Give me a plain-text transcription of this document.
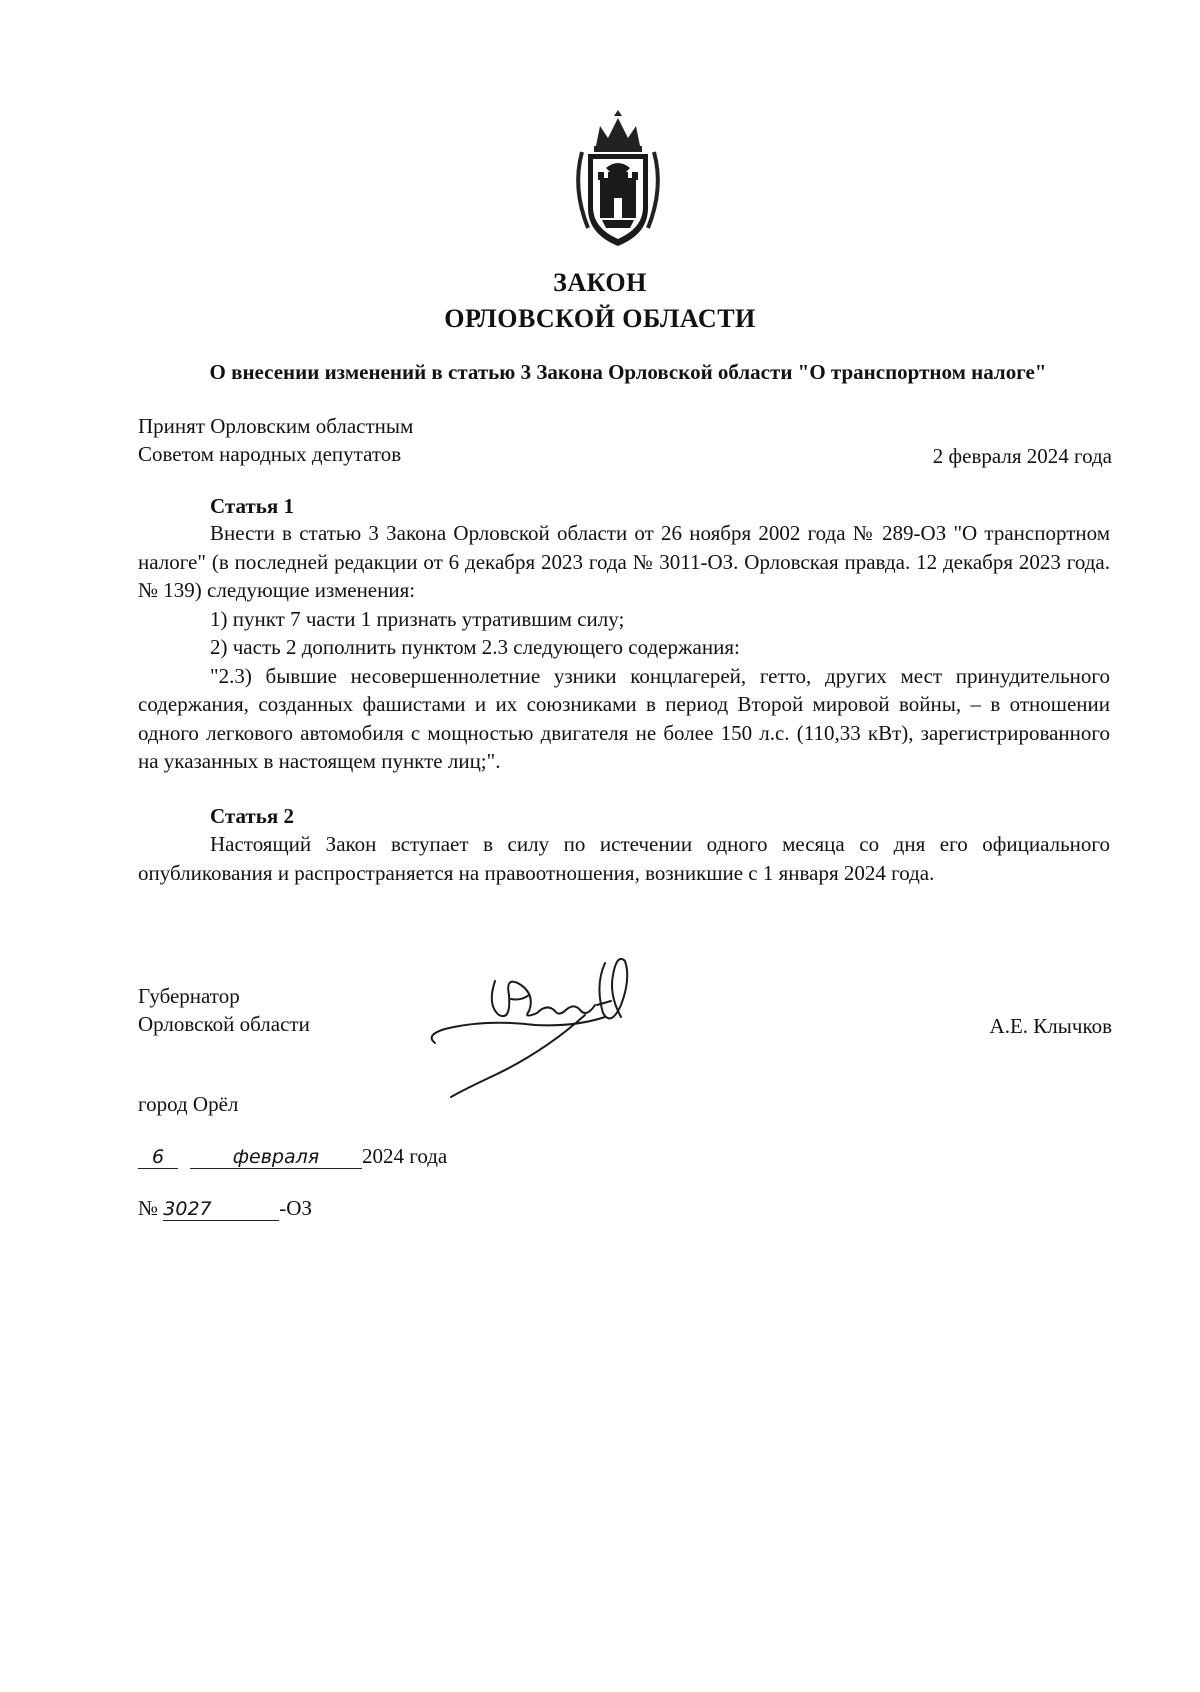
ЗАКОН
ОРЛОВСКОЙ ОБЛАСТИ
О внесении изменений в статью 3 Закона Орловской области "О транспортном налоге"
Принят Орловским областным
Советом народных депутатов	2 февраля 2024 года
Статья 1

Внести в статью 3 Закона Орловской области от 26 ноября 2002 года № 289-ОЗ "О транспортном налоге" (в последней редакции от 6 декабря 2023 года № 3011-ОЗ. Орловская правда. 12 декабря 2023 года. № 139) следующие изменения:

1) пункт 7 части 1 признать утратившим силу;

2) часть 2 дополнить пунктом 2.3 следующего содержания:

"2.3) бывшие несовершеннолетние узники концлагерей, гетто, других мест принудительного содержания, созданных фашистами и их союзниками в период Второй мировой войны, – в отношении одного легкового автомобиля с мощностью двигателя не более 150 л.с. (110,33 кВт), зарегистрированного на указанных в настоящем пункте лиц;".

Статья 2

Настоящий Закон вступает в силу по истечении одного месяца со дня его официального опубликования и распространяется на правоотношения, возникшие с 1 января 2024 года.

Губернатор
Орловской области	А.Е. Клычков
город Орёл
6	февраля 2024 года
№ 3027	-ОЗ
